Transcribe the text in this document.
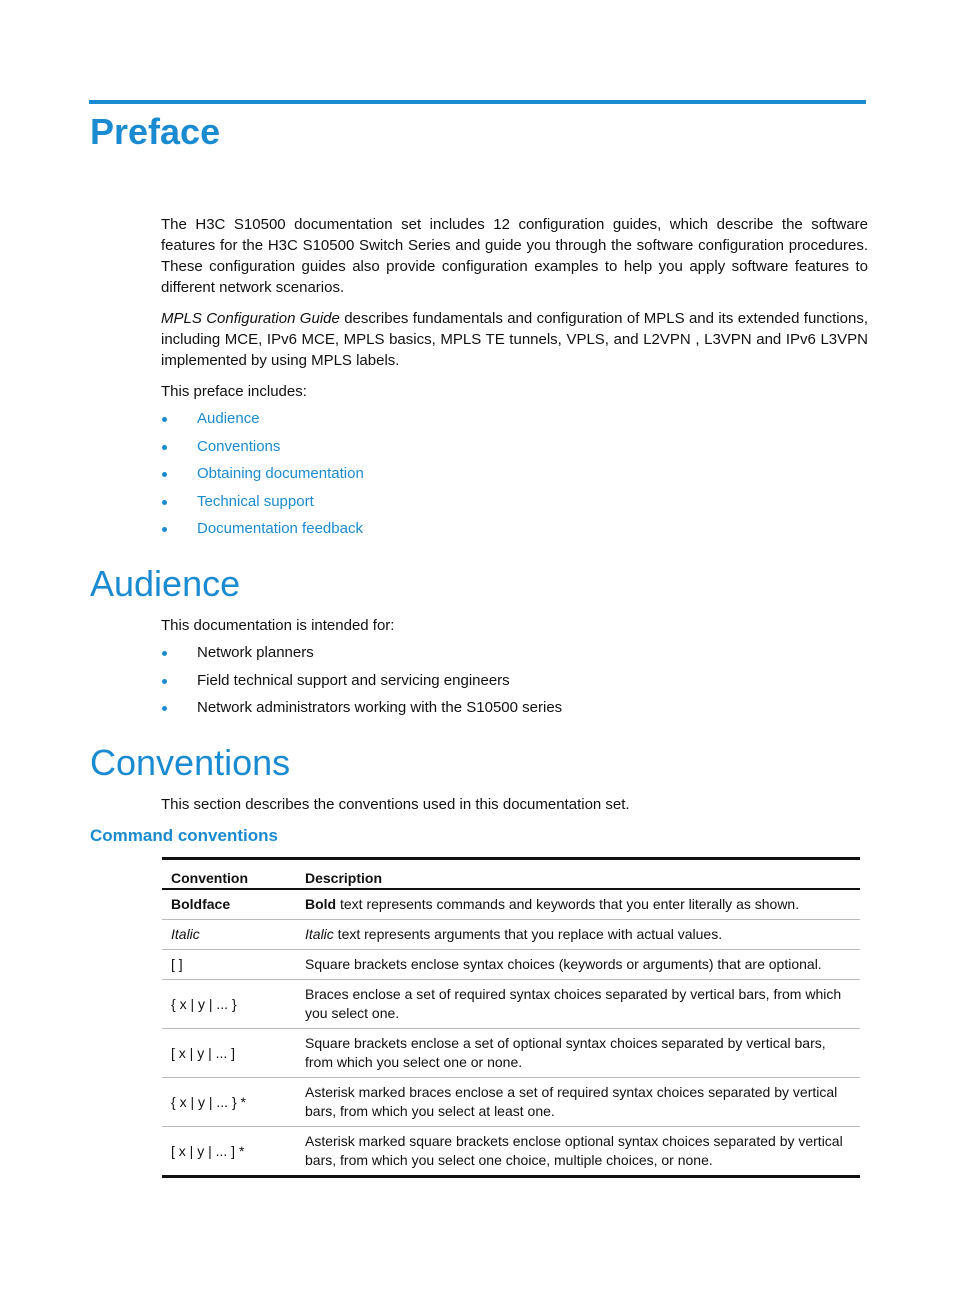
Preface

The H3C S10500 documentation set includes 12 configuration guides, which describe the software features for the H3C S10500 Switch Series and guide you through the software configuration procedures. These configuration guides also provide configuration examples to help you apply software features to different network scenarios.

MPLS Configuration Guide describes fundamentals and configuration of MPLS and its extended functions, including MCE, IPv6 MCE, MPLS basics, MPLS TE tunnels, VPLS, and L2VPN , L3VPN and IPv6 L3VPN implemented by using MPLS labels.

This preface includes:

Audience
Conventions
Obtaining documentation
Technical support
Documentation feedback
Audience

This documentation is intended for:

Network planners
Field technical support and servicing engineers
Network administrators working with the S10500 series
Conventions

This section describes the conventions used in this documentation set.

Command conventions
Convention	Description
Boldface	Bold text represents commands and keywords that you enter literally as shown.
Italic	Italic text represents arguments that you replace with actual values.
[ ]	Square brackets enclose syntax choices (keywords or arguments) that are optional.
{ x | y | ... }	Braces enclose a set of required syntax choices separated by vertical bars, from which you select one.
[ x | y | ... ]	Square brackets enclose a set of optional syntax choices separated by vertical bars, from which you select one or none.
{ x | y | ... } *	Asterisk marked braces enclose a set of required syntax choices separated by vertical bars, from which you select at least one.
[ x | y | ... ] *	Asterisk marked square brackets enclose optional syntax choices separated by vertical bars, from which you select one choice, multiple choices, or none.
